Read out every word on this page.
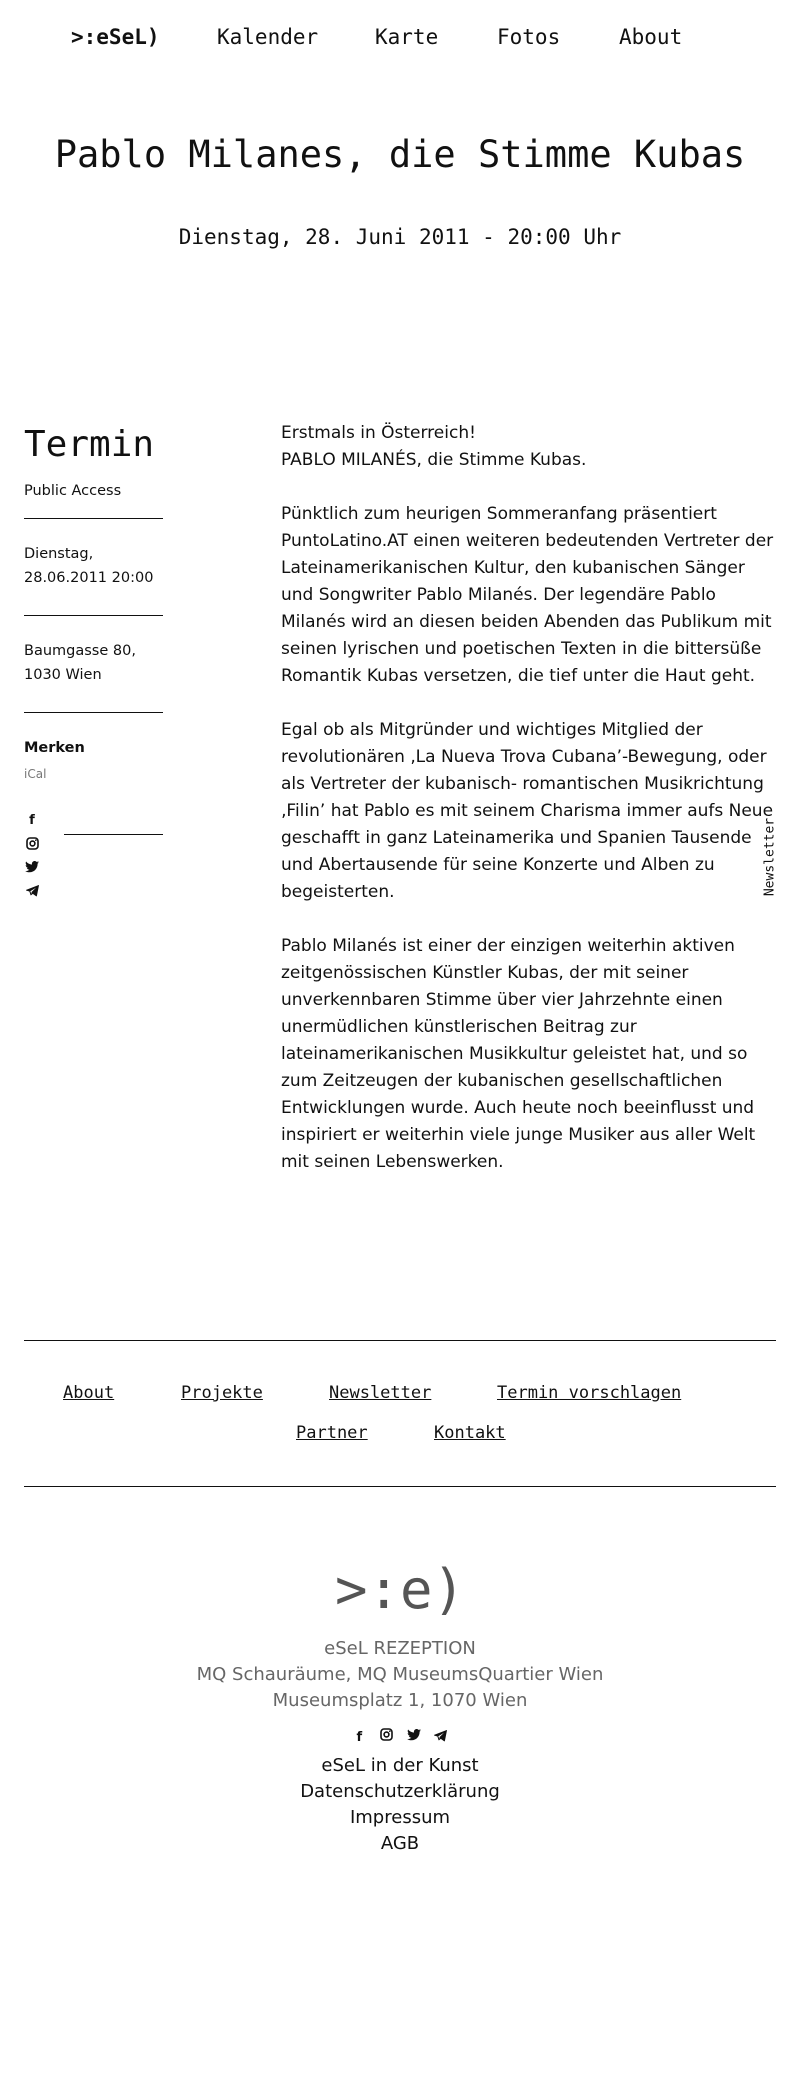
>:eSeL)	Kalender	Karte	Fotos	About
Pablo Milanes, die Stimme Kubas
Dienstag, 28. Juni 2011 - 20:00 Uhr
Termin
Public Access
Dienstag,
28.06.2011 20:00
Baumgasse 80,
1030 Wien
Merken
iCal
f

Erstmals in Österreich!
PABLO MILANÉS, die Stimme Kubas.

Pünktlich zum heurigen Sommeranfang präsentiert PuntoLatino.AT einen weiteren bedeutenden Vertreter der Lateinamerikanischen Kultur, den kubanischen Sänger und Songwriter Pablo Milanés. Der legendäre Pablo Milanés wird an diesen beiden Abenden das Publikum mit seinen lyrischen und poetischen Texten in die bittersüße Romantik Kubas versetzen, die tief unter die Haut geht.

Egal ob als Mitgründer und wichtiges Mitglied der revolutionären ‚La Nueva Trova Cubana’-Bewegung, oder als Vertreter der kubanisch- romantischen Musikrichtung ‚Filin’ hat Pablo es mit seinem Charisma immer aufs Neue geschafft in ganz Lateinamerika und Spanien Tausende und Abertausende für seine Konzerte und Alben zu begeisterten.

Pablo Milanés ist einer der einzigen weiterhin aktiven zeitgenössischen Künstler Kubas, der mit seiner unverkennbaren Stimme über vier Jahrzehnte einen unermüdlichen künstlerischen Beitrag zur lateinamerikanischen Musikkultur geleistet hat, und so zum Zeitzeugen der kubanischen gesellschaftlichen Entwicklungen wurde. Auch heute noch beeinflusst und inspiriert er weiterhin viele junge Musiker aus aller Welt mit seinen Lebenswerken.

Newsletter
About	Projekte	Newsletter	Termin vorschlagen
Partner	Kontakt
>:e)
eSeL REZEPTION
MQ Schauräume, MQ MuseumsQuartier Wien
Museumsplatz 1, 1070 Wien
f
eSeL in der Kunst
Datenschutzerklärung
Impressum
AGB
